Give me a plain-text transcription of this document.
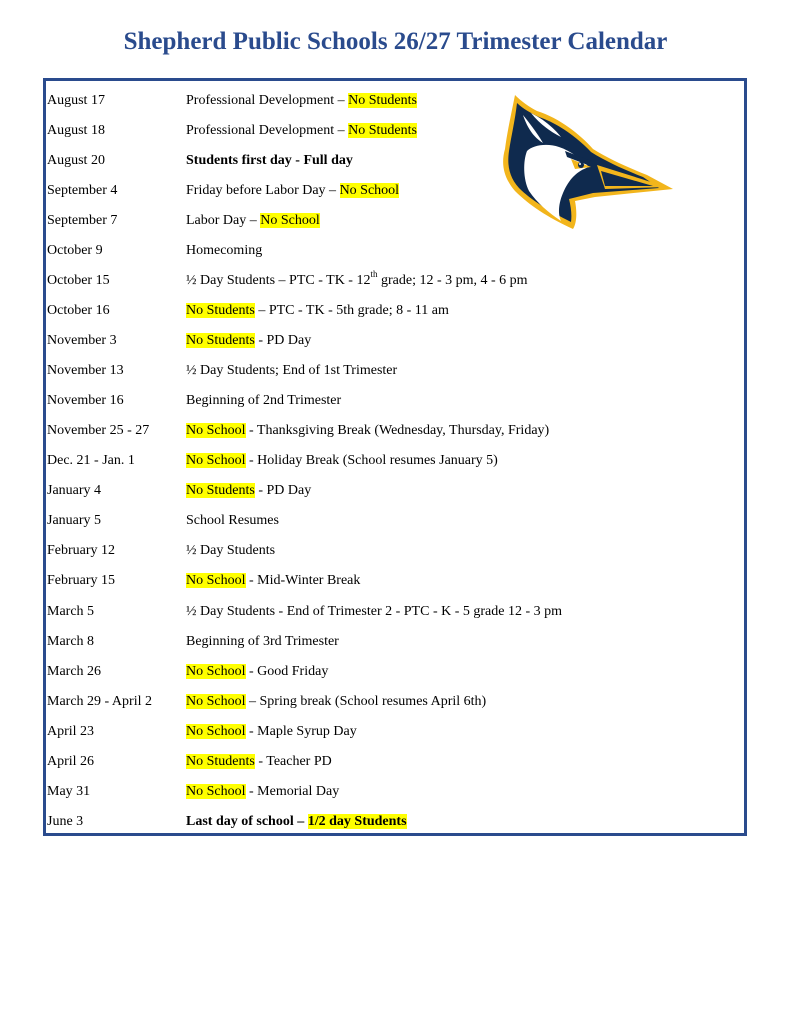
Shepherd Public Schools 26/27 Trimester Calendar
August 17	Professional Development – No Students
August 18	Professional Development – No Students
August 20	Students first day - Full day
September 4	Friday before Labor Day – No School
September 7	Labor Day – No School
October 9	Homecoming
October 15	½ Day Students – PTC - TK - 12th grade; 12 - 3 pm, 4 - 6 pm
October 16	No Students – PTC - TK - 5th grade; 8 - 11 am
November 3	No Students - PD Day
November 13	½ Day Students; End of 1st Trimester
November 16	Beginning of 2nd Trimester
November 25 - 27	No School - Thanksgiving Break (Wednesday, Thursday, Friday)
Dec. 21 - Jan. 1	No School - Holiday Break (School resumes January 5)
January 4	No Students - PD Day
January 5	School Resumes
February 12	½ Day Students
February 15	No School - Mid-Winter Break
March 5	½ Day Students - End of Trimester 2 - PTC - K - 5 grade 12 - 3 pm
March 8	Beginning of 3rd Trimester
March 26	No School - Good Friday
March 29 - April 2 No School – Spring break (School resumes April 6th)
April 23	No School - Maple Syrup Day
April 26	No Students - Teacher PD
May 31	No School - Memorial Day
June 3	Last day of school – 1/2 day Students
